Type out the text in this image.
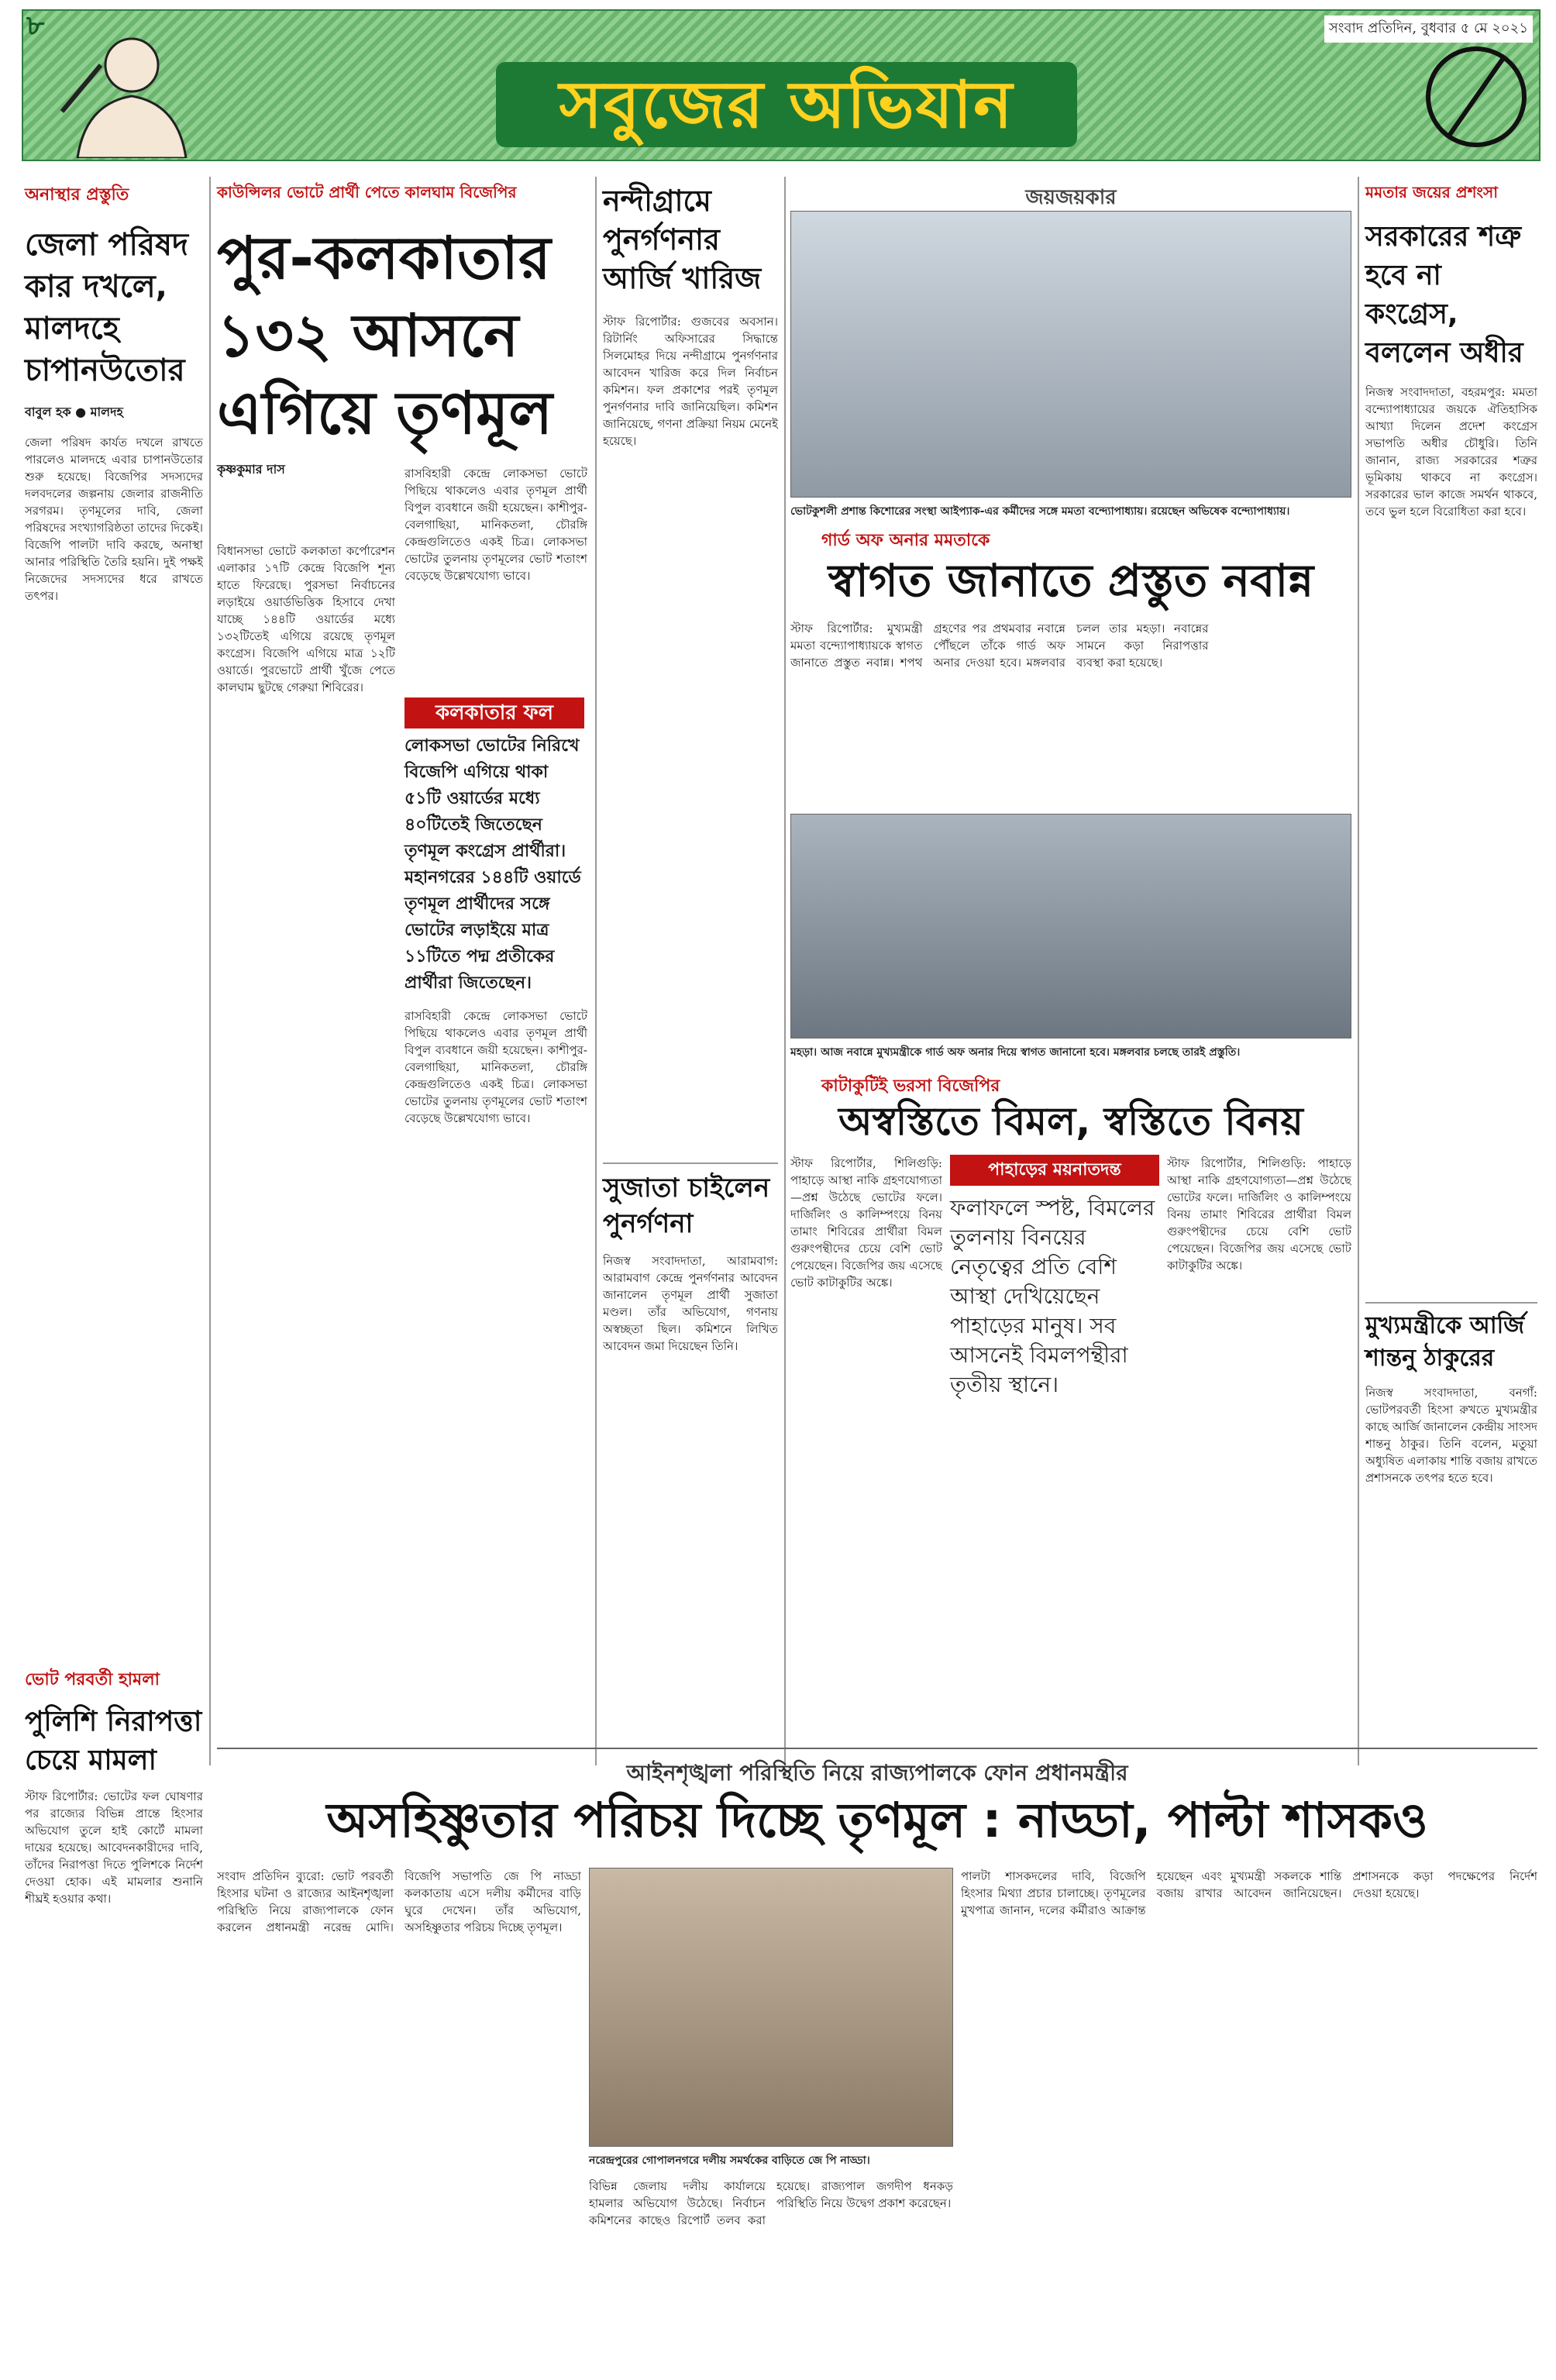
৮	সংবাদ প্রতিদিন, বুধবার ৫ মে ২০২১
সবুজের অভিযান
অনাস্থার প্রস্তুতি
জেলা পরিষদ কার দখলে, মালদহে চাপানউতোর
বাবুল হক ● মালদহ
জেলা পরিষদ কার্যত দখলে রাখতে পারলেও মালদহে এবার চাপানউতোর শুরু হয়েছে। বিজেপির সদস্যদের দলবদলের জল্পনায় জেলার রাজনীতি সরগরম। তৃণমূলের দাবি, জেলা পরিষদের সংখ্যাগরিষ্ঠতা তাদের দিকেই। বিজেপি পালটা দাবি করছে, অনাস্থা আনার পরিস্থিতি তৈরি হয়নি। দুই পক্ষই নিজেদের সদস্যদের ধরে রাখতে তৎপর।
ভোট পরবর্তী হামলা
পুলিশি নিরাপত্তা চেয়ে মামলা
স্টাফ রিপোর্টার: ভোটের ফল ঘোষণার পর রাজ্যের বিভিন্ন প্রান্তে হিংসার অভিযোগ তুলে হাই কোর্টে মামলা দায়ের হয়েছে। আবেদনকারীদের দাবি, তাঁদের নিরাপত্তা দিতে পুলিশকে নির্দেশ দেওয়া হোক। এই মামলার শুনানি শীঘ্রই হওয়ার কথা।
কাউন্সিলর ভোটে প্রার্থী পেতে কালঘাম বিজেপির
পুর-কলকাতার ১৩২ আসনে এগিয়ে তৃণমূল
কৃষ্ণকুমার দাস
বিধানসভা ভোটে কলকাতা কর্পোরেশন এলাকার ১৭টি কেন্দ্রে বিজেপি শূন্য হাতে ফিরেছে। পুরসভা নির্বাচনের লড়াইয়ে ওয়ার্ডভিত্তিক হিসাবে দেখা যাচ্ছে ১৪৪টি ওয়ার্ডের মধ্যে ১৩২টিতেই এগিয়ে রয়েছে তৃণমূল কংগ্রেস। বিজেপি এগিয়ে মাত্র ১২টি ওয়ার্ডে। পুরভোটে প্রার্থী খুঁজে পেতে কালঘাম ছুটছে গেরুয়া শিবিরের।
রাসবিহারী কেন্দ্রে লোকসভা ভোটে পিছিয়ে থাকলেও এবার তৃণমূল প্রার্থী বিপুল ব্যবধানে জয়ী হয়েছেন। কাশীপুর-বেলগাছিয়া, মানিকতলা, চৌরঙ্গি কেন্দ্রগুলিতেও একই চিত্র। লোকসভা ভোটের তুলনায় তৃণমূলের ভোট শতাংশ বেড়েছে উল্লেখযোগ্য ভাবে।
কলকাতার ফল
লোকসভা ভোটের নিরিখে বিজেপি এগিয়ে থাকা ৫১টি ওয়ার্ডের মধ্যে ৪০টিতেই জিতেছেন তৃণমূল কংগ্রেস প্রার্থীরা। মহানগরের ১৪৪টি ওয়ার্ডে তৃণমূল প্রার্থীদের সঙ্গে ভোটের লড়াইয়ে মাত্র ১১টিতে পদ্ম প্রতীকের প্রার্থীরা জিতেছেন।
রাসবিহারী কেন্দ্রে লোকসভা ভোটে পিছিয়ে থাকলেও এবার তৃণমূল প্রার্থী বিপুল ব্যবধানে জয়ী হয়েছেন। কাশীপুর-বেলগাছিয়া, মানিকতলা, চৌরঙ্গি কেন্দ্রগুলিতেও একই চিত্র। লোকসভা ভোটের তুলনায় তৃণমূলের ভোট শতাংশ বেড়েছে উল্লেখযোগ্য ভাবে।
নন্দীগ্রামে পুনর্গণনার আর্জি খারিজ
স্টাফ রিপোর্টার: গুজবের অবসান। রিটার্নিং অফিসারের সিদ্ধান্তে সিলমোহর দিয়ে নন্দীগ্রামে পুনর্গণনার আবেদন খারিজ করে দিল নির্বাচন কমিশন। ফল প্রকাশের পরই তৃণমূল পুনর্গণনার দাবি জানিয়েছিল। কমিশন জানিয়েছে, গণনা প্রক্রিয়া নিয়ম মেনেই হয়েছে।
সুজাতা চাইলেন পুনর্গণনা
নিজস্ব সংবাদদাতা, আরামবাগ: আরামবাগ কেন্দ্রে পুনর্গণনার আবেদন জানালেন তৃণমূল প্রার্থী সুজাতা মণ্ডল। তাঁর অভিযোগ, গণনায় অস্বচ্ছতা ছিল। কমিশনে লিখিত আবেদন জমা দিয়েছেন তিনি।
জয়জয়কার
ভোটকুশলী প্রশান্ত কিশোরের সংস্থা আইপ্যাক-এর কর্মীদের সঙ্গে মমতা বন্দ্যোপাধ্যায়। রয়েছেন অভিষেক বন্দ্যোপাধ্যায়।
গার্ড অফ অনার মমতাকে
স্বাগত জানাতে প্রস্তুত নবান্ন
স্টাফ রিপোর্টার: মুখ্যমন্ত্রী মমতা বন্দ্যোপাধ্যায়কে স্বাগত জানাতে প্রস্তুত নবান্ন। শপথ গ্রহণের পর প্রথমবার নবান্নে পৌঁছলে তাঁকে গার্ড অফ অনার দেওয়া হবে। মঙ্গলবার চলল তার মহড়া। নবান্নের সামনে কড়া নিরাপত্তার ব্যবস্থা করা হয়েছে।
মহড়া। আজ নবান্নে মুখ্যমন্ত্রীকে গার্ড অফ অনার দিয়ে স্বাগত জানানো হবে। মঙ্গলবার চলছে তারই প্রস্তুতি।
কাটাকুটিই ভরসা বিজেপির
অস্বস্তিতে বিমল, স্বস্তিতে বিনয়
স্টাফ রিপোর্টার, শিলিগুড়ি: পাহাড়ে আস্থা নাকি গ্রহণযোগ্যতা—প্রশ্ন উঠেছে ভোটের ফলে। দার্জিলিং ও কালিম্পংয়ে বিনয় তামাং শিবিরের প্রার্থীরা বিমল গুরুংপন্থীদের চেয়ে বেশি ভোট পেয়েছেন। বিজেপির জয় এসেছে ভোট কাটাকুটির অঙ্কে।
পাহাড়ের ময়নাতদন্ত
ফলাফলে স্পষ্ট, বিমলের তুলনায় বিনয়ের নেতৃত্বের প্রতি বেশি আস্থা দেখিয়েছেন পাহাড়ের মানুষ। সব আসনেই বিমলপন্থীরা তৃতীয় স্থানে।
স্টাফ রিপোর্টার, শিলিগুড়ি: পাহাড়ে আস্থা নাকি গ্রহণযোগ্যতা—প্রশ্ন উঠেছে ভোটের ফলে। দার্জিলিং ও কালিম্পংয়ে বিনয় তামাং শিবিরের প্রার্থীরা বিমল গুরুংপন্থীদের চেয়ে বেশি ভোট পেয়েছেন। বিজেপির জয় এসেছে ভোট কাটাকুটির অঙ্কে।
মমতার জয়ের প্রশংসা
সরকারের শত্রু হবে না কংগ্রেস, বললেন অধীর
নিজস্ব সংবাদদাতা, বহরমপুর: মমতা বন্দ্যোপাধ্যায়ের জয়কে ঐতিহাসিক আখ্যা দিলেন প্রদেশ কংগ্রেস সভাপতি অধীর চৌধুরি। তিনি জানান, রাজ্য সরকারের শত্রুর ভূমিকায় থাকবে না কংগ্রেস। সরকারের ভাল কাজে সমর্থন থাকবে, তবে ভুল হলে বিরোধিতা করা হবে।
মুখ্যমন্ত্রীকে আর্জি শান্তনু ঠাকুরের
নিজস্ব সংবাদদাতা, বনগাঁ: ভোটপরবর্তী হিংসা রুখতে মুখ্যমন্ত্রীর কাছে আর্জি জানালেন কেন্দ্রীয় সাংসদ শান্তনু ঠাকুর। তিনি বলেন, মতুয়া অধ্যুষিত এলাকায় শান্তি বজায় রাখতে প্রশাসনকে তৎপর হতে হবে।
আইনশৃঙ্খলা পরিস্থিতি নিয়ে রাজ্যপালকে ফোন প্রধানমন্ত্রীর
অসহিষ্ণুতার পরিচয় দিচ্ছে তৃণমূল : নাড্ডা, পাল্টা শাসকও
সংবাদ প্রতিদিন ব্যুরো: ভোট পরবর্তী হিংসার ঘটনা ও রাজ্যের আইনশৃঙ্খলা পরিস্থিতি নিয়ে রাজ্যপালকে ফোন করলেন প্রধানমন্ত্রী নরেন্দ্র মোদি। বিজেপি সভাপতি জে পি নাড্ডা কলকাতায় এসে দলীয় কর্মীদের বাড়ি ঘুরে দেখেন। তাঁর অভিযোগ, অসহিষ্ণুতার পরিচয় দিচ্ছে তৃণমূল।
নরেন্দ্রপুরের গোপালনগরে দলীয় সমর্থকের বাড়িতে জে পি নাড্ডা।
বিভিন্ন জেলায় দলীয় কার্যালয়ে হামলার অভিযোগ উঠেছে। নির্বাচন কমিশনের কাছেও রিপোর্ট তলব করা হয়েছে। রাজ্যপাল জগদীপ ধনকড় পরিস্থিতি নিয়ে উদ্বেগ প্রকাশ করেছেন।
পালটা শাসকদলের দাবি, বিজেপি হিংসার মিথ্যা প্রচার চালাচ্ছে। তৃণমূলের মুখপাত্র জানান, দলের কর্মীরাও আক্রান্ত হয়েছেন এবং মুখ্যমন্ত্রী সকলকে শান্তি বজায় রাখার আবেদন জানিয়েছেন। প্রশাসনকে কড়া পদক্ষেপের নির্দেশ দেওয়া হয়েছে।
